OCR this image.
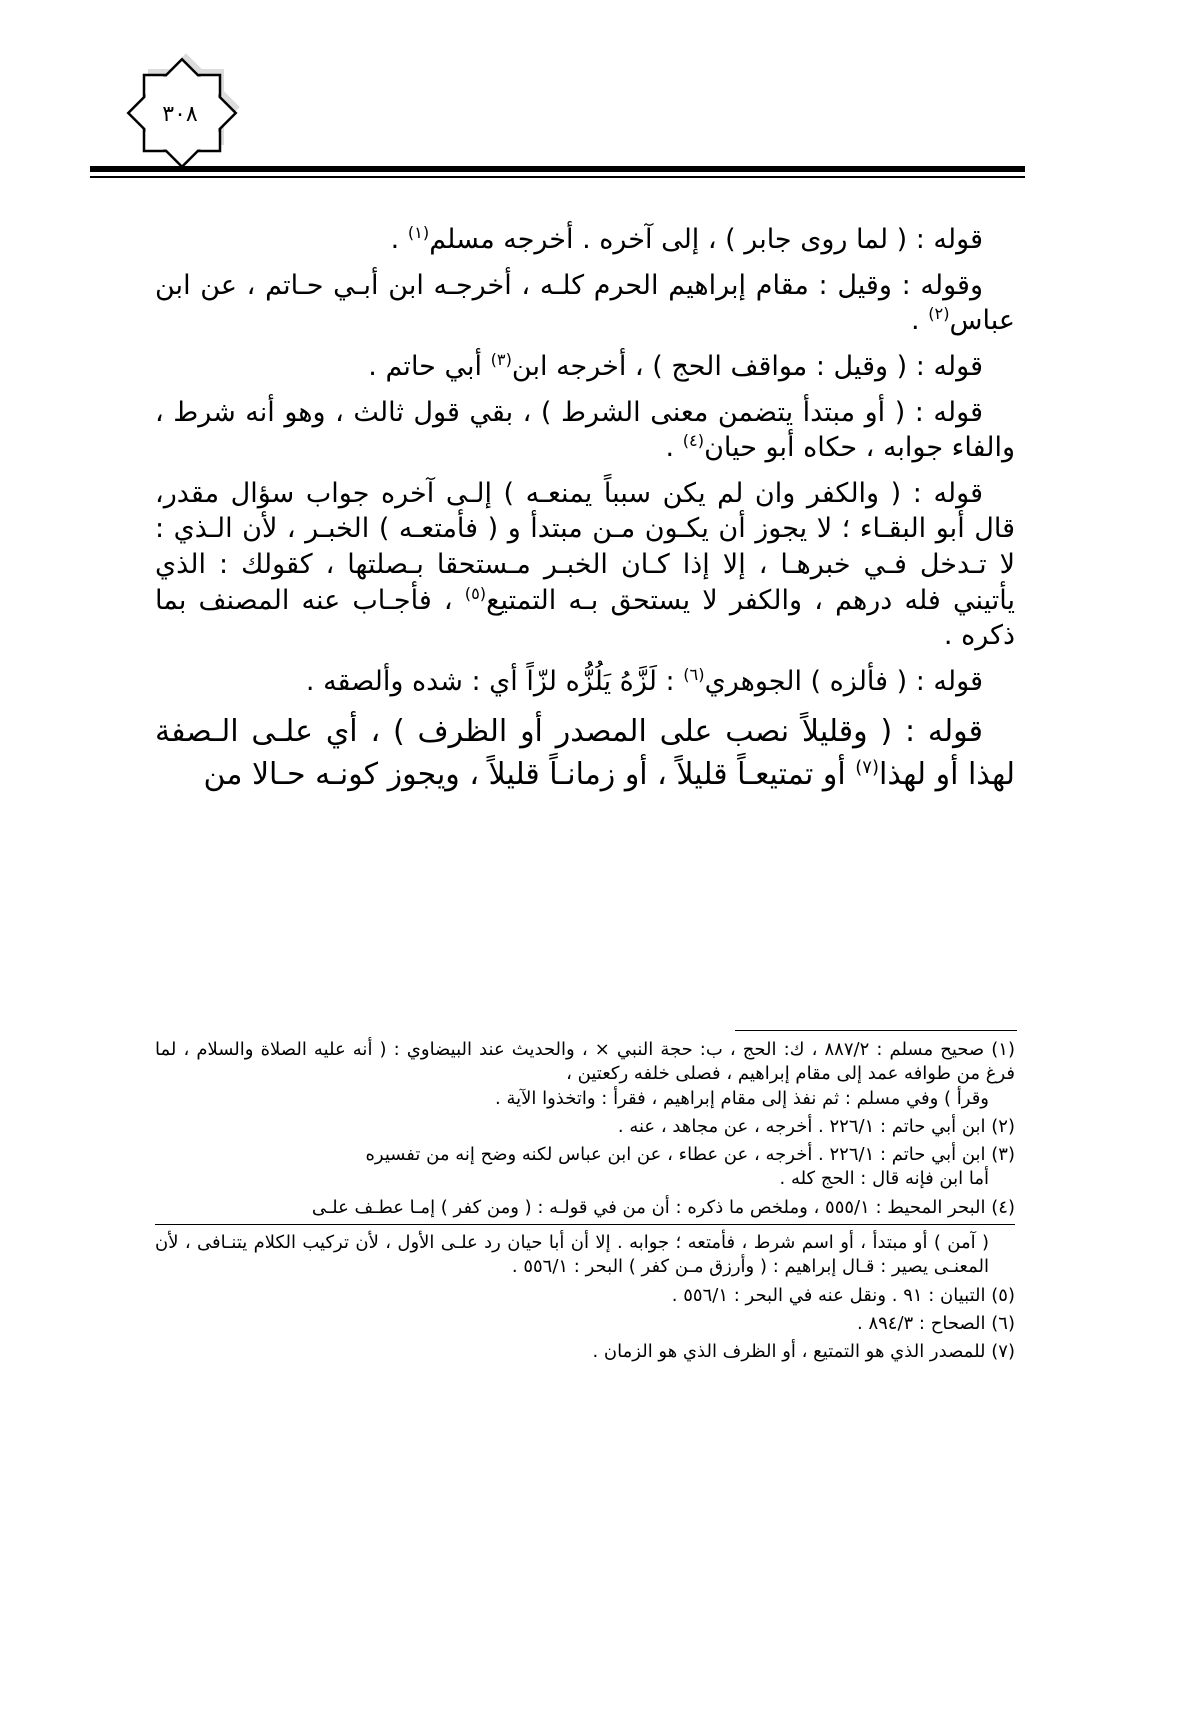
٣٠٨

قوله : ( لما روى جابر ) ، إلى آخره . أخرجه مسلم$^{(١)}$ .

وقوله : وقيل : مقام إبراهيم الحرم كلـه ، أخرجـه ابن أبـي حـاتم ، عن ابن عباس$^{(٢)}$ .

قوله : ( وقيل : مواقف الحج ) ، أخرجه ابن$^{(٣)}$ أبي حاتم .

قوله : ( أو مبتدأ يتضمن معنى الشرط ) ، بقي قول ثالث ، وهو أنه شرط ، والفاء جوابه ، حكاه أبو حيان$^{(٤)}$ .

قوله : ( والكفر وان لم يكن سبباً يمنعـه ) إلـى آخره جواب سؤال مقدر، قال أبو البقـاء ؛ لا يجوز أن يكـون مـن مبتدأ و ( فأمتعـه ) الخبـر ، لأن الـذي : لا تـدخل فـي خبرهـا ، إلا إذا كـان الخبـر مـستحقا بـصلتها ، كقولك : الذي يأتيني فله درهم ، والكفر لا يستحق بـه التمتيع$^{(٥)}$ ، فأجـاب عنه المصنف بما ذكره .

قوله : ( فألزه ) الجوهري$^{(٦)}$ : لَزَّهُ يَلُزُّه لزّاً أي : شده وألصقه .

قوله : ( وقليلاً نصب على المصدر أو الظرف ) ، أي علـى الـصفة لهذا أو لهذا$^{(٧)}$ أو تمتيعـاً قليلاً ، أو زمانـاً قليلاً ، ويجوز كونـه حـالا من

(١) صحيح مسلم : ٨٨٧/٢ ، ك: الحج ، ب: حجة النبي × ، والحديث عند البيضاوي : ( أنه عليه الصلاة والسلام ، لما فرغ من طوافه عمد إلى مقام إبراهيم ، فصلى خلفه ركعتين ،
وقرأ ) وفي مسلم : ثم نفذ إلى مقام إبراهيم ، فقرأ : واتخذوا الآية .
(٢) ابن أبي حاتم : ٢٢٦/١ . أخرجه ، عن مجاهد ، عنه .
(٣) ابن أبي حاتم : ٢٢٦/١ . أخرجه ، عن عطاء ، عن ابن عباس لكنه وضح إنه من تفسيره
أما ابن فإنه قال : الحج كله .
(٤) البحر المحيط : ٥٥٥/١ ، وملخص ما ذكره : أن من في قولـه : ( ومن كفر ) إمـا عطـف علـى
( آمن ) أو مبتدأ ، أو اسم شرط ، فأمتعه ؛ جوابه . إلا أن أبا حيان رد علـى الأول ، لأن تركيب الكلام يتنـافى ، لأن المعنـى يصير : قـال إبراهيم : ( وأرزق مـن كفر ) البحر : ٥٥٦/١ .
(٥) التبيان : ٩١ . ونقل عنه في البحر : ٥٥٦/١ .
(٦) الصحاح : ٨٩٤/٣ .
(٧) للمصدر الذي هو التمتيع ، أو الظرف الذي هو الزمان .
